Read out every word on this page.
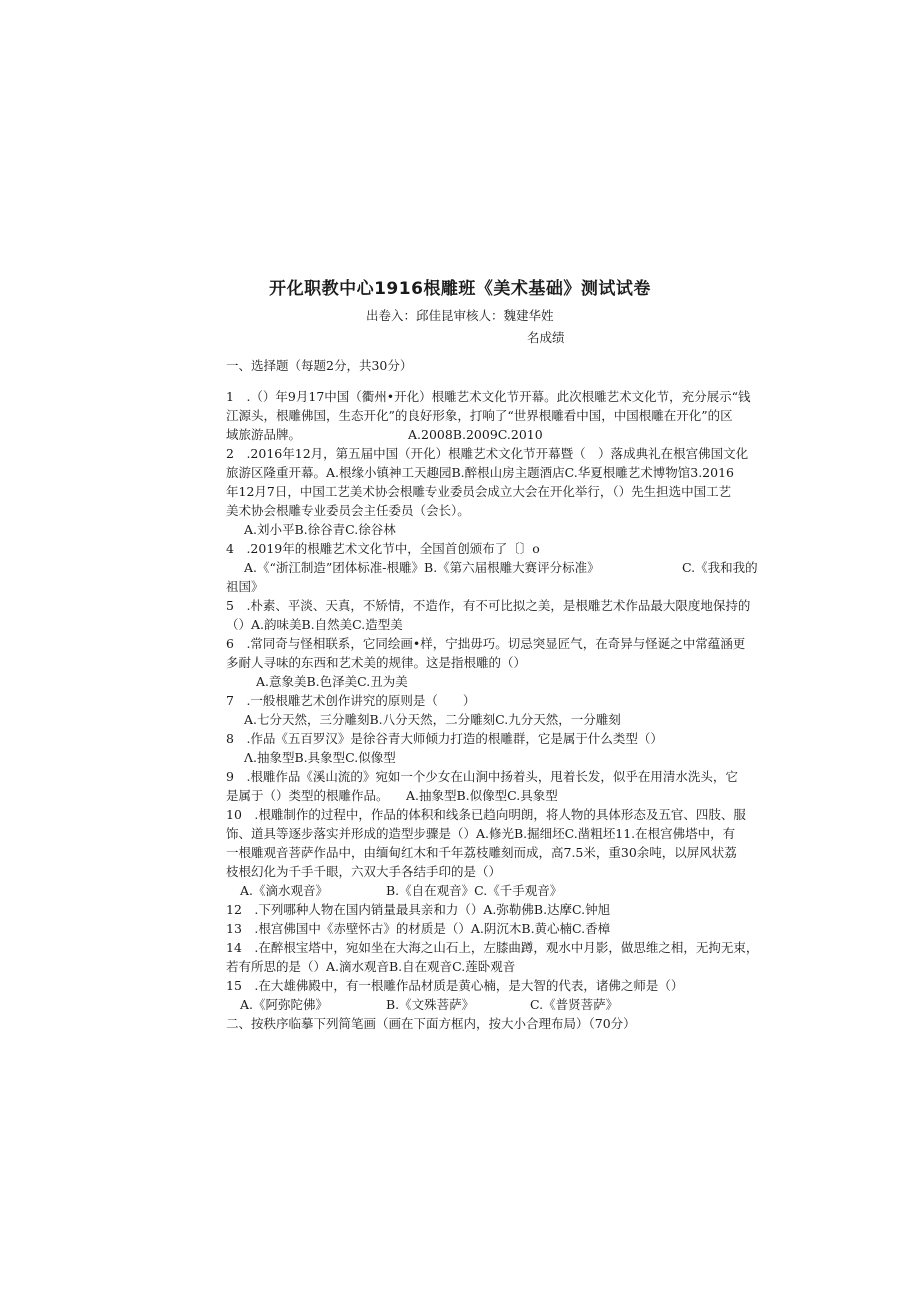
开化职教中心1916根雕班《美术基础》测试试卷
出卷入：邱佳昆审核人：魏建华姓
名成绩
一、选择题（每题2分，共30分）
1　.（）年9月17中国（衢州•开化）根雕艺术文化节开幕。此次根雕艺术文化节，充分展示“钱
江源头，根雕佛国，生态开化”的良好形象，打响了“世界根雕看中国，中国根雕在开化”的区
域旅游品牌。	A.2008B.2009C.2010
2　.2016年12月，第五届中国（开化）根雕艺术文化节开幕暨（　）落成典礼在根宫佛国文化
旅游区隆重开幕。A.根缘小镇神工天趣园B.醉根山房主题酒店C.华夏根雕艺术博物馆3.2016
年12月7日，中国工艺美术协会根雕专业委员会成立大会在开化举行，（）先生担选中国工艺
美术协会根雕专业委员会主任委员（会长）。
A.刘小平B.徐谷青C.徐谷林
4　.2019年的根雕艺术文化节中，全国首创颁布了〔〕o
A.《“浙江制造”团体标准-根雕》B.《第六届根雕大赛评分标准》	C.《我和我的
祖国》
5　.朴素、平淡、天真，不矫情，不造作，有不可比拟之美，是根雕艺术作品最大限度地保持的
（）A.韵味美B.自然美C.造型美
6　.常同奇与怪相联系，它同绘画•样，宁拙毋巧。切忌突显匠气，在奇异与怪诞之中常蕴涵更
多耐人寻味的东西和艺术美的规律。这是指根雕的（）
A.意象美B.色泽美C.丑为美
7　.一般根雕艺术创作讲究的原则是（　　）
A.七分天然，三分雕刻B.八分天然，二分雕刻C.九分天然，一分雕刻
8　.作品《五百罗汉》是徐谷青大师倾力打造的根雕群，它是属于什么类型（）
Λ.抽象型B.具象型C.似像型
9　.根雕作品《溪山流的》宛如一个少女在山涧中扬着头，甩着长发，似乎在用清水洗头，它
是属于（）类型的根雕作品。	A.抽象型B.似像型C.具象型
10　.根雕制作的过程中，作品的体积和线条已趋向明朗，将人物的具体形态及五官、四肢、服
饰、道具等逐步落实并形成的造型步骤是（）A.修光B.掘细坯C.凿粗坯11.在根宫佛塔中，有
一根雕观音菩萨作品中，由缅甸红木和千年荔枝雕刻而成，高7.5米，重30余吨，以屏风状荔
枝根幻化为千手千眼，六双大手各结手印的是（）
A.《滴水观音》	B.《自在观音》C.《千手观音》
12　.下列哪种人物在国内销量最具亲和力（）A.弥勒佛B.达摩C.钟旭
13　.根宫佛国中《赤壁怀古》的材质是（）A.阴沉木B.黄心楠C.香樟
14　.在醉根宝塔中，宛如坐在大海之山石上，左膝曲蹲，观水中月影，做思维之相，无拘无束，
若有所思的是（）A.滴水观音B.自在观音C.莲卧观音
15　.在大雄佛殿中，有一根雕作品材质是黄心楠，是大智的代表，诸佛之师是（）
A.《阿弥陀佛》	B.《文殊菩萨》	C.《普贤菩萨》
二、按秩序临摹下列简笔画（画在下面方框内，按大小合理布局）（70分）
